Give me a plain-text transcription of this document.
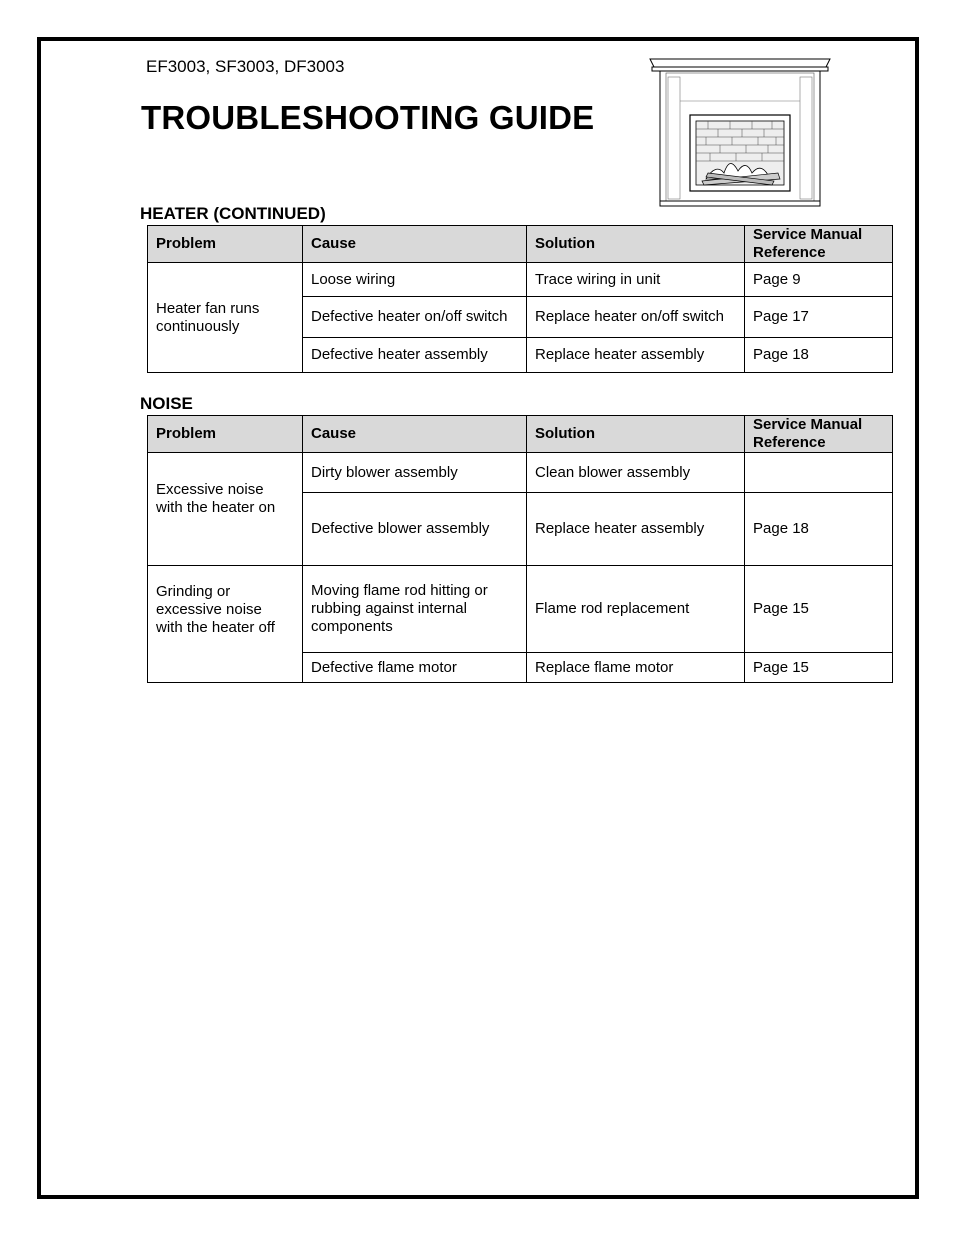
EF3003, SF3003, DF3003
TROUBLESHOOTING GUIDE
HEATER (CONTINUED)
Problem	Cause	Solution	Service Manual
Reference
Heater fan runs
continuously	Loose wiring	Trace wiring in unit	Page 9
	Defective heater on/off switch	Replace heater on/off switch	Page 17
	Defective heater assembly	Replace heater assembly	Page 18
NOISE
Problem	Cause	Solution	Service Manual
Reference
Excessive noise
with the heater on	Dirty blower assembly	Clean blower assembly	
	Defective blower assembly	Replace heater assembly	Page 18
Grinding or
excessive noise
with the heater off	Moving flame rod hitting or
rubbing against internal
components	Flame rod replacement	Page 15
	Defective flame motor	Replace flame motor	Page 15
